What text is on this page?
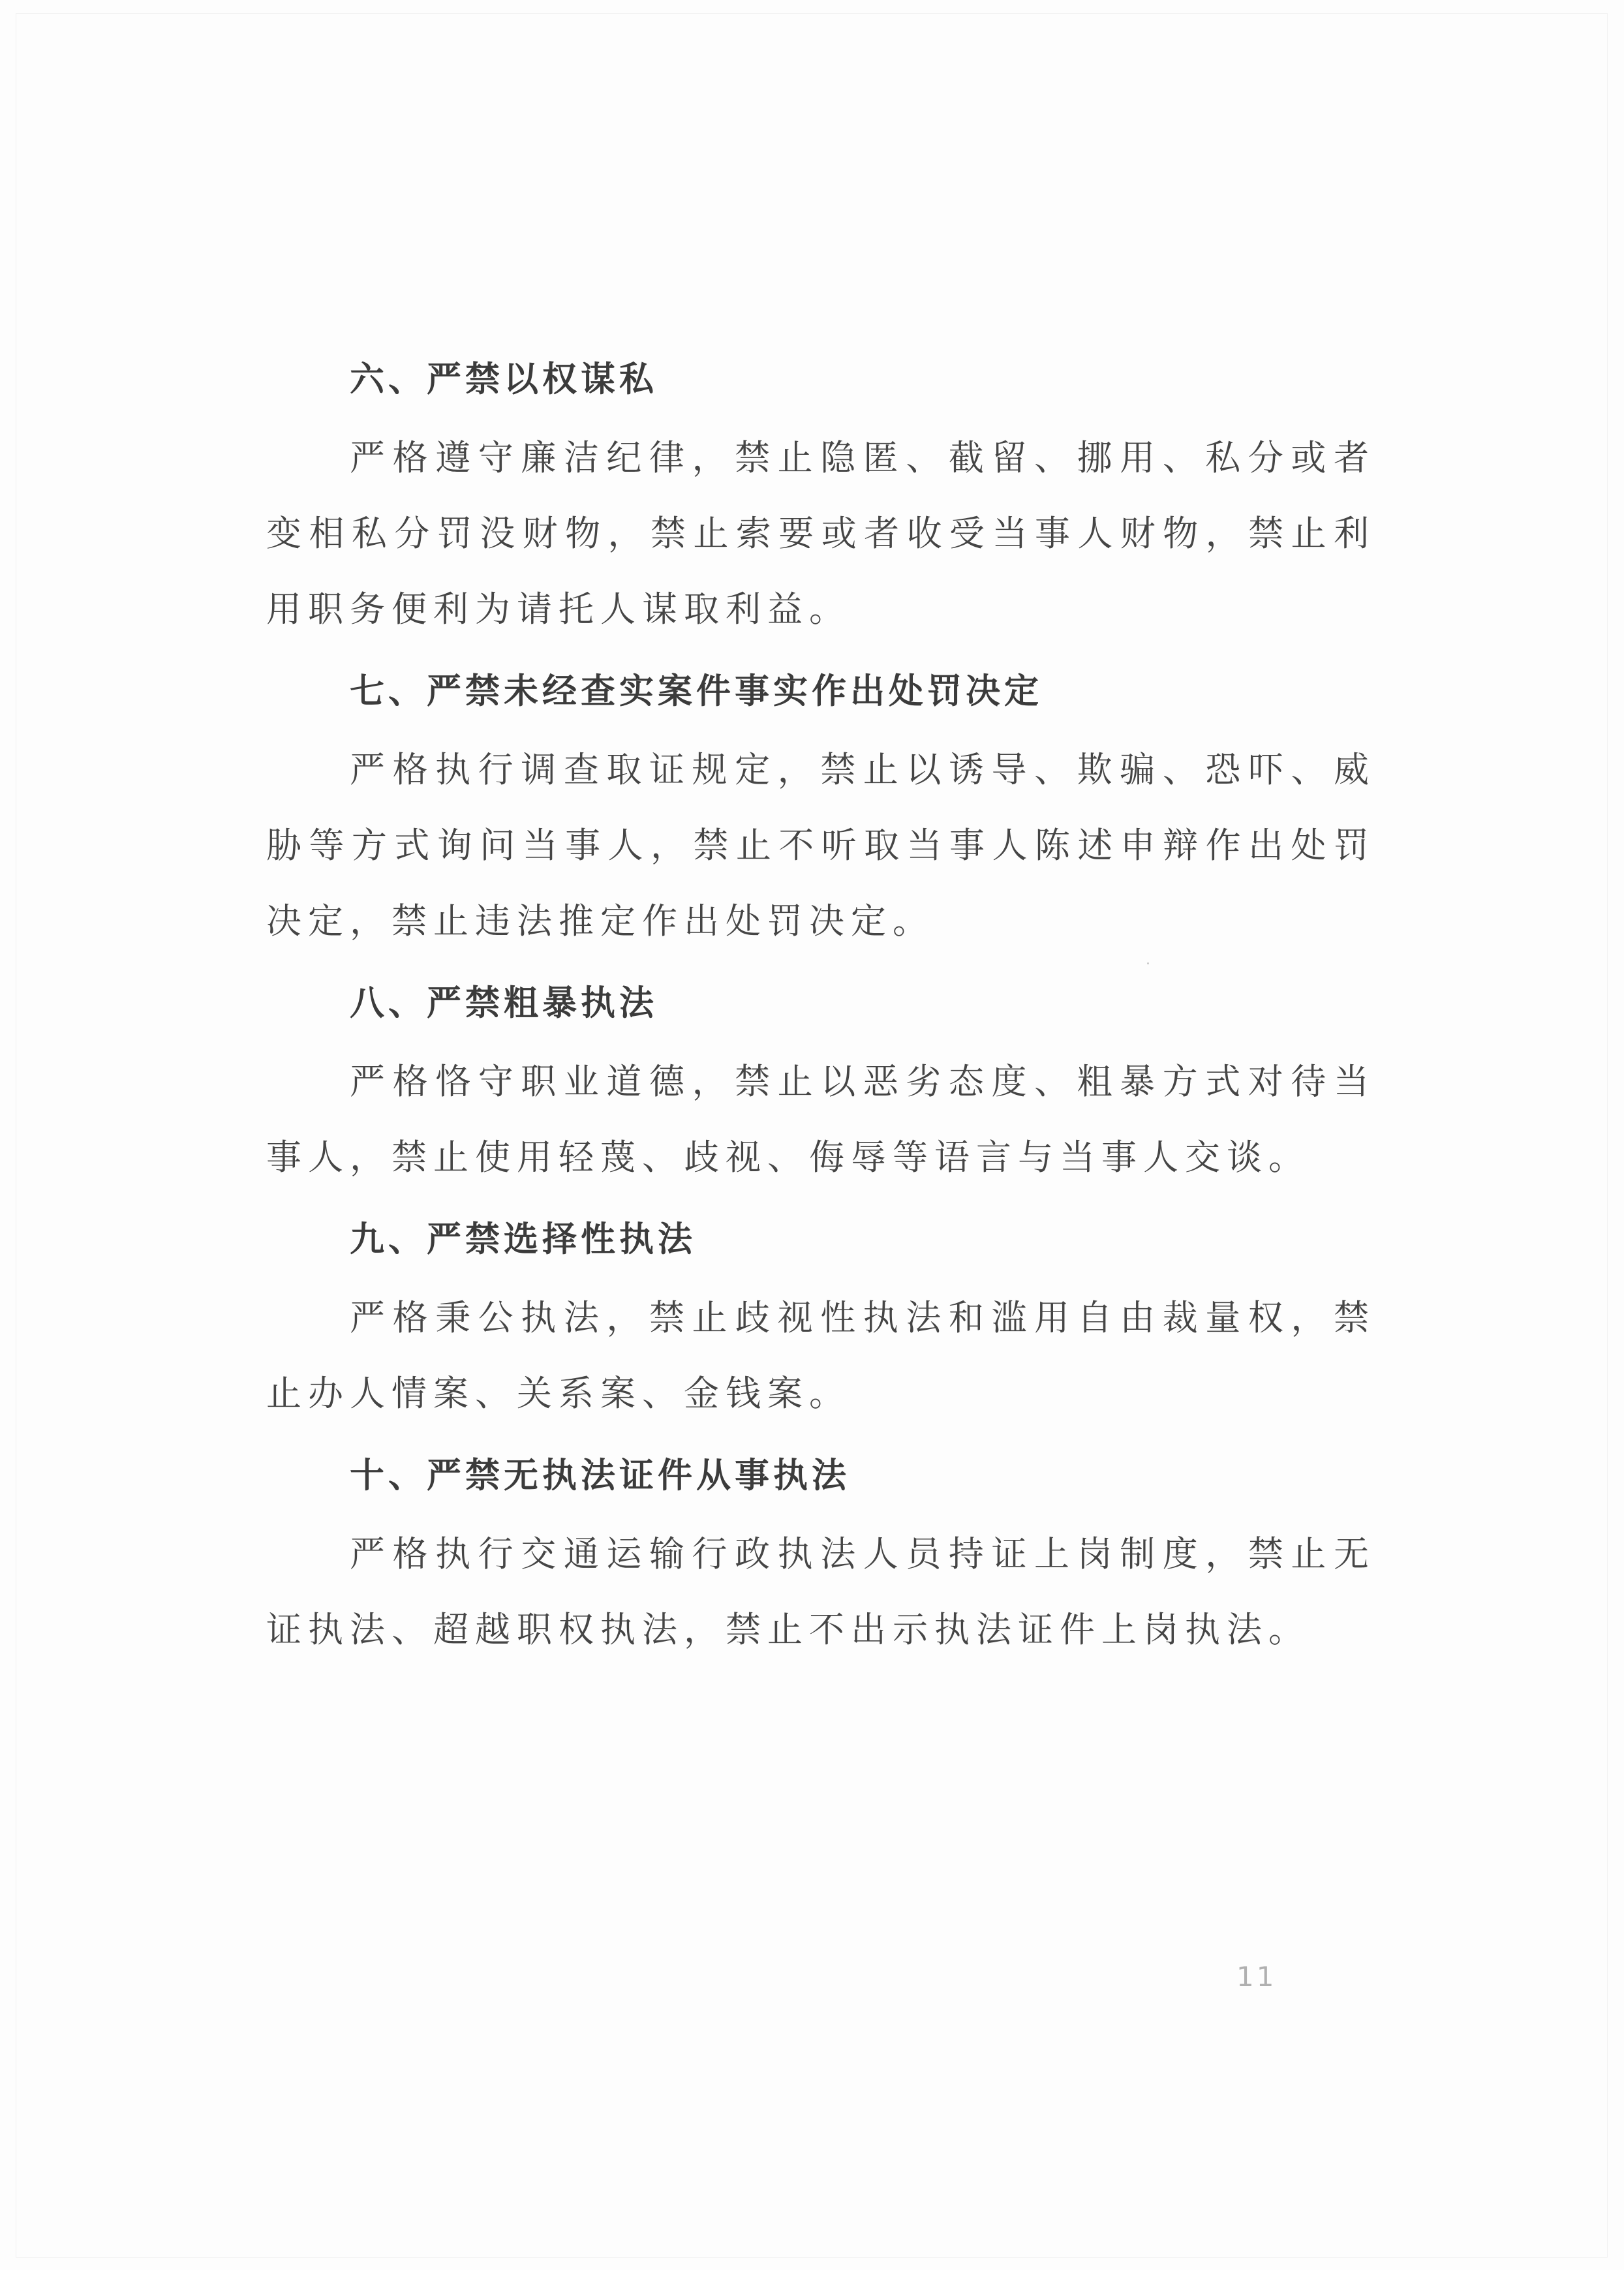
六、严禁以权谋私

严格遵守廉洁纪律，禁止隐匿、截留、挪用、私分或者变相私分罚没财物，禁止索要或者收受当事人财物，禁止利用职务便利为请托人谋取利益。

七、严禁未经查实案件事实作出处罚决定

严格执行调查取证规定，禁止以诱导、欺骗、恐吓、威胁等方式询问当事人，禁止不听取当事人陈述申辩作出处罚决定，禁止违法推定作出处罚决定。

八、严禁粗暴执法

严格恪守职业道德，禁止以恶劣态度、粗暴方式对待当事人，禁止使用轻蔑、歧视、侮辱等语言与当事人交谈。

九、严禁选择性执法

严格秉公执法，禁止歧视性执法和滥用自由裁量权，禁止办人情案、关系案、金钱案。

十、严禁无执法证件从事执法

严格执行交通运输行政执法人员持证上岗制度，禁止无证执法、超越职权执法，禁止不出示执法证件上岗执法。

11
